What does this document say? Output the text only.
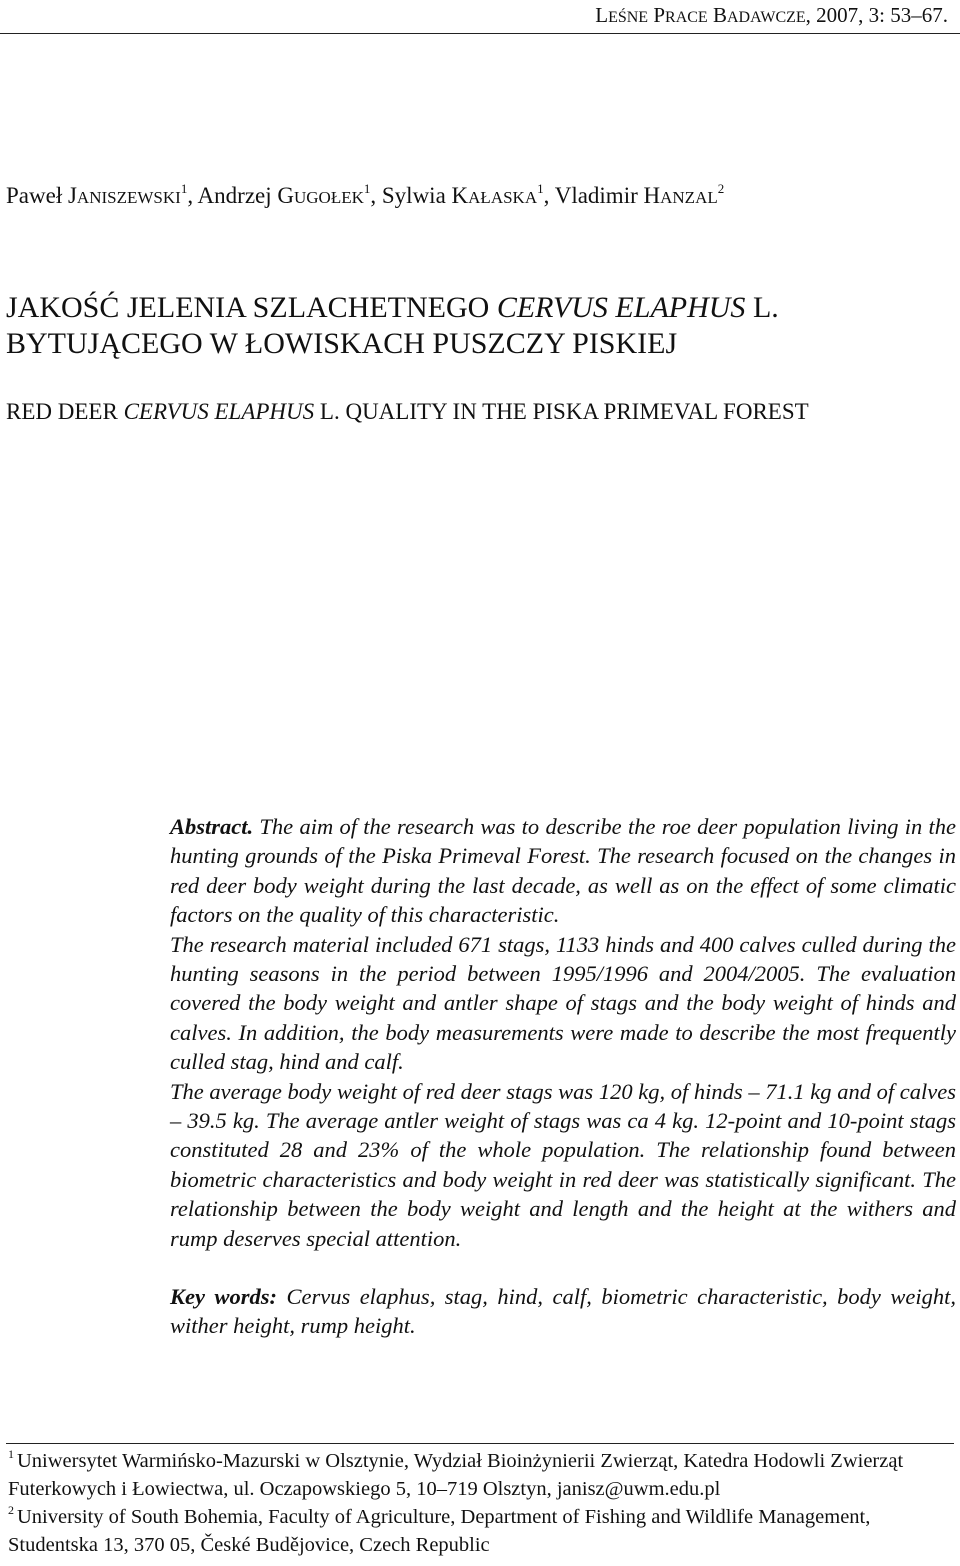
LEŚNE PRACE BADAWCZE, 2007, 3: 53–67.
Paweł JANISZEWSKI$^1$, Andrzej GUGOŁEK$^1$, Sylwia KAŁASKA$^1$, Vladimir HANZAL$^2$
JAKOŚĆ JELENIA SZLACHETNEGO CERVUS ELAPHUS L.
BYTUJĄCEGO W ŁOWISKACH PUSZCZY PISKIEJ
RED DEER CERVUS ELAPHUS L. QUALITY IN THE PISKA PRIMEVAL FOREST

Abstract. The aim of the research was to describe the roe deer population living in the hunting grounds of the Piska Primeval Forest. The research focused on the changes in red deer body weight during the last decade, as well as on the effect of some climatic factors on the quality of this characteristic.

The research material included 671 stags, 1133 hinds and 400 calves culled during the hunting seasons in the period between 1995/1996 and 2004/2005. The evaluation covered the body weight and antler shape of stags and the body weight of hinds and calves. In addition, the body measurements were made to describe the most frequently culled stag, hind and calf.

The average body weight of red deer stags was 120 kg, of hinds – 71.1 kg and of calves – 39.5 kg. The average antler weight of stags was ca 4 kg. 12-point and 10-point stags constituted 28 and 23% of the whole population. The relationship found between biometric characteristics and body weight in red deer was statistically significant. The relationship between the body weight and length and the height at the withers and rump deserves special attention.

Key words: Cervus elaphus, stag, hind, calf, biometric characteristic, body weight, wither height, rump height.

$^1$ Uniwersytet Warmińsko-Mazurski w Olsztynie, Wydział Bioinżynierii Zwierząt, Katedra Hodowli Zwierząt Futerkowych i Łowiectwa, ul. Oczapowskiego 5, 10–719 Olsztyn, janisz@uwm.edu.pl

$^2$ University of South Bohemia, Faculty of Agriculture, Department of Fishing and Wildlife Management, Studentska 13, 370 05, České Budějovice, Czech Republic
